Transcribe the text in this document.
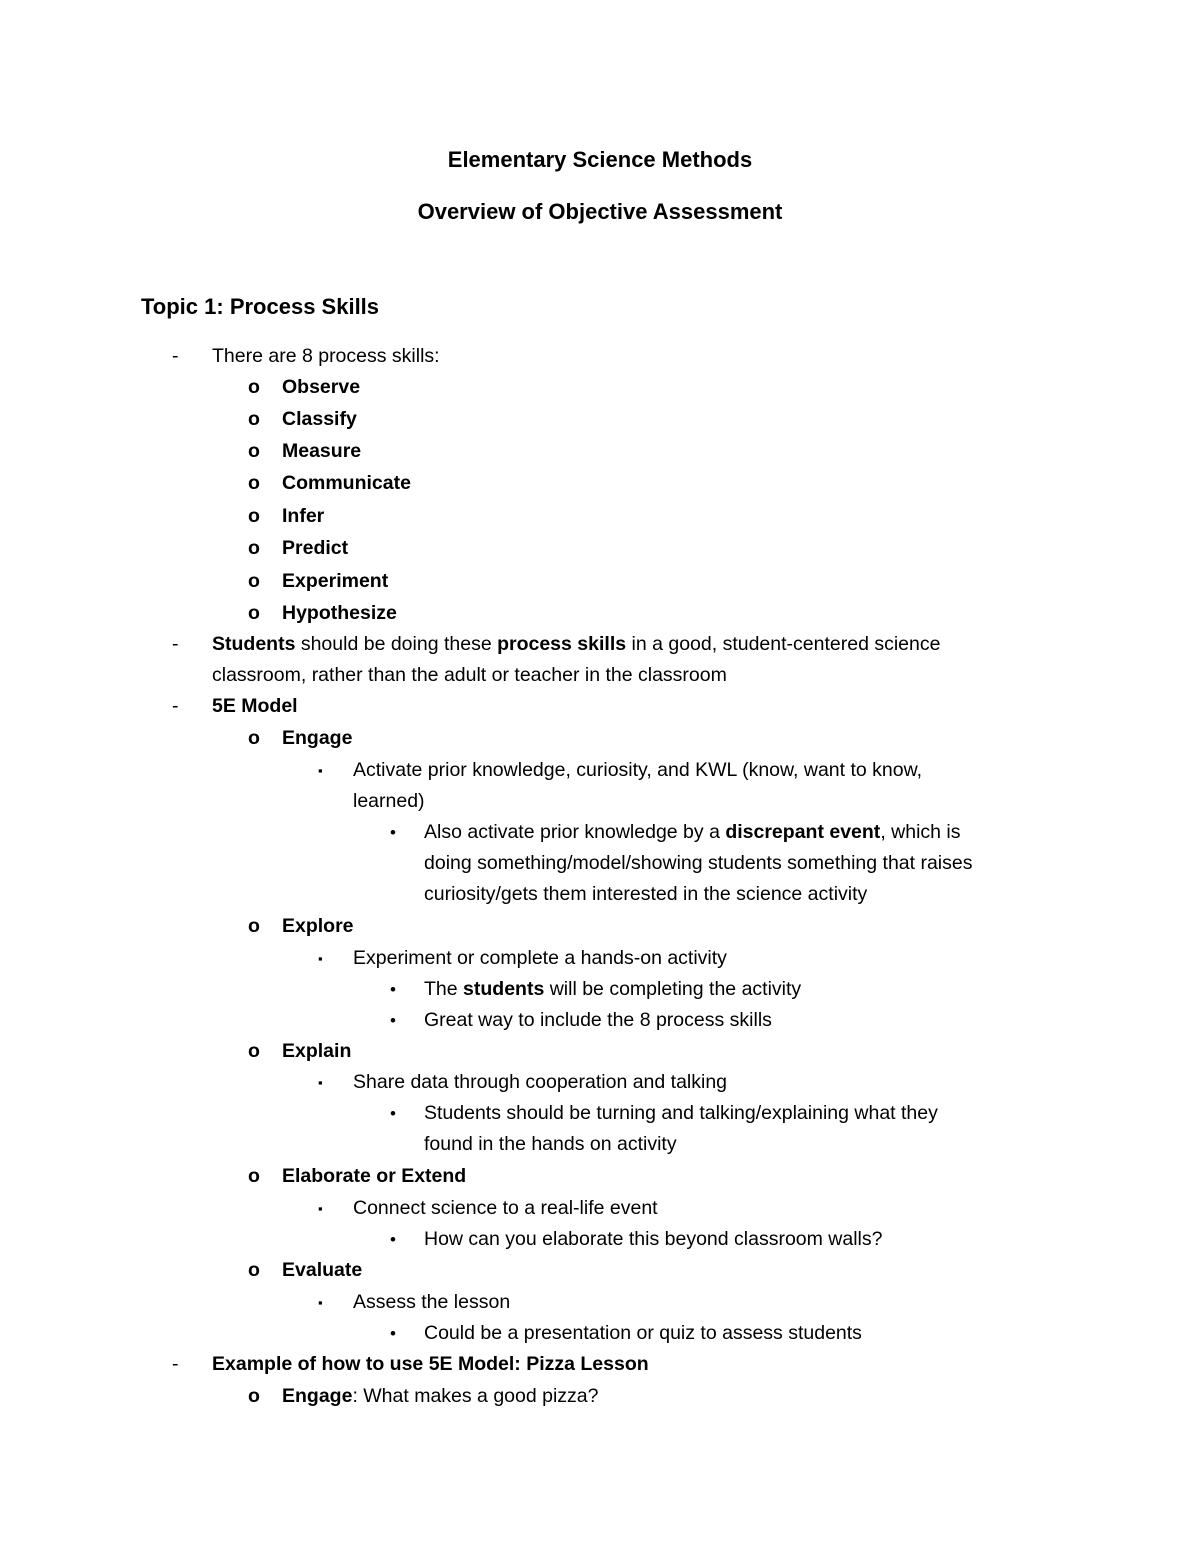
Elementary Science Methods
Overview of Objective Assessment
Topic 1: Process Skills
- There are 8 process skills:
o Observe
o Classify
o Measure
o Communicate
o Infer
o Predict
o Experiment
o Hypothesize
- Students should be doing these process skills in a good, student-centered science
classroom, rather than the adult or teacher in the classroom
- 5E Model
o Engage
▪ Activate prior knowledge, curiosity, and KWL (know, want to know,
learned)
• Also activate prior knowledge by a discrepant event, which is
doing something/model/showing students something that raises
curiosity/gets them interested in the science activity
o Explore
▪ Experiment or complete a hands-on activity
• The students will be completing the activity
• Great way to include the 8 process skills
o Explain
▪ Share data through cooperation and talking
• Students should be turning and talking/explaining what they
found in the hands on activity
o Elaborate or Extend
▪ Connect science to a real-life event
• How can you elaborate this beyond classroom walls?
o Evaluate
▪ Assess the lesson
• Could be a presentation or quiz to assess students
- Example of how to use 5E Model: Pizza Lesson
o Engage: What makes a good pizza?
